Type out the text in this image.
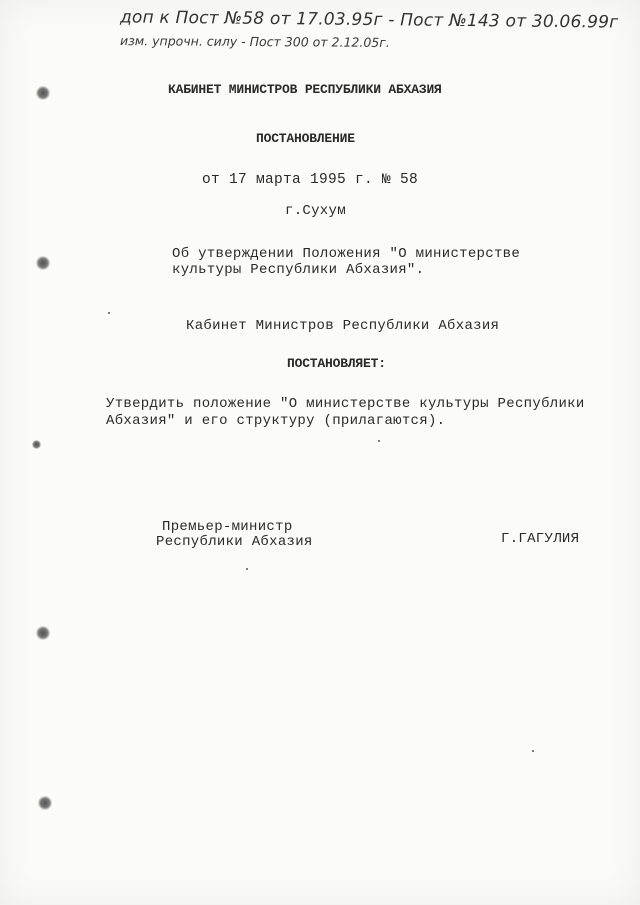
доп к Пост №58 от 17.03.95г - Пост №143 от 30.06.99г
изм. упрочн. силу - Пост 300 от 2.12.05г.
КАБИНЕТ МИНИСТРОВ РЕСПУБЛИКИ АБХАЗИЯ
ПОСТАНОВЛЕНИЕ
от 17 марта 1995 г. № 58
г.Сухум
Об утверждении Положения "О министерстве
культуры Республики Абхазия".
Кабинет Министров Республики Абхазия
ПОСТАНОВЛЯЕТ:
Утвердить положение "О министерстве культуры Республики
Абхазия" и его структуру (прилагаются).
Премьер-министр
Республики Абхазия	Г.ГАГУЛИЯ
